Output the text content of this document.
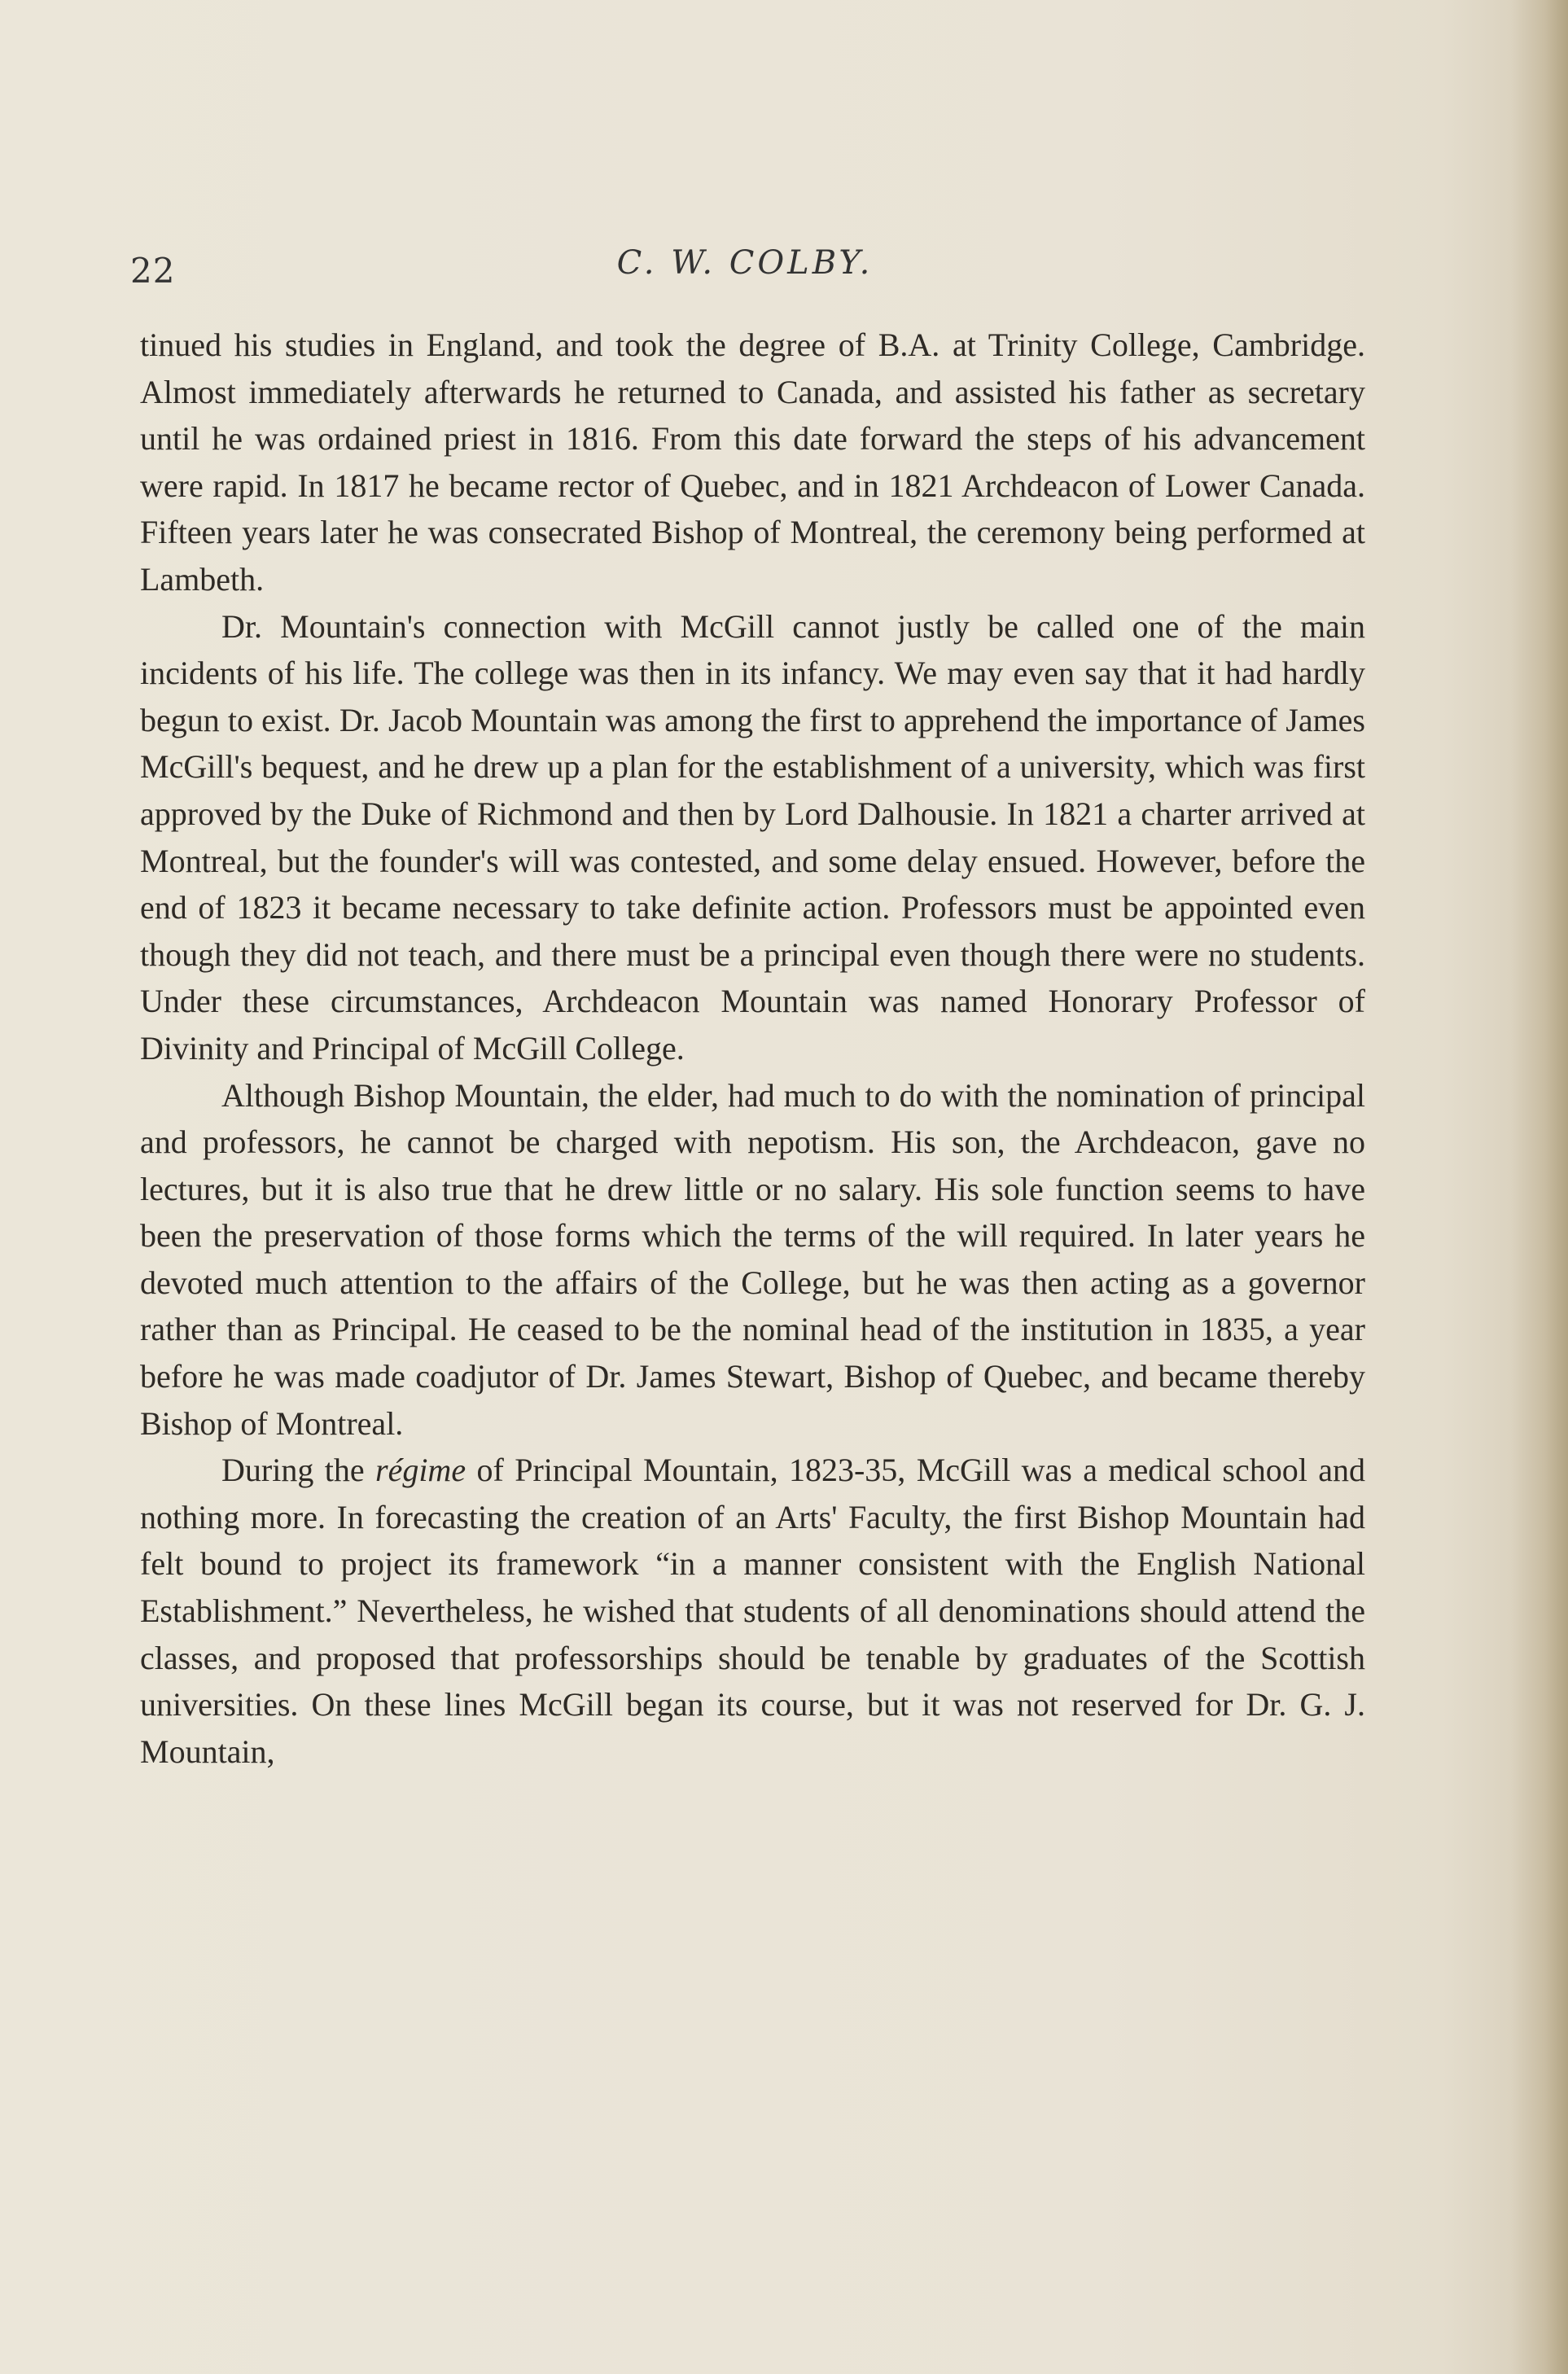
22	C. W. COLBY.

tinued his studies in England, and took the degree of B.A. at Trinity College, Cambridge. Almost immediately afterwards he returned to Canada, and assisted his father as secretary until he was ordained priest in 1816. From this date forward the steps of his advancement were rapid. In 1817 he became rector of Quebec, and in 1821 Archdeacon of Lower Canada. Fifteen years later he was consecrated Bishop of Montreal, the ceremony being performed at Lambeth.

Dr. Mountain's connection with McGill cannot justly be called one of the main incidents of his life. The college was then in its infancy. We may even say that it had hardly begun to exist. Dr. Jacob Mountain was among the first to apprehend the importance of James McGill's bequest, and he drew up a plan for the establishment of a university, which was first approved by the Duke of Richmond and then by Lord Dalhousie. In 1821 a charter arrived at Montreal, but the founder's will was contested, and some delay ensued. However, before the end of 1823 it became necessary to take definite action. Professors must be appointed even though they did not teach, and there must be a principal even though there were no students. Under these circumstances, Archdeacon Mountain was named Honorary Professor of Divinity and Principal of McGill College.

Although Bishop Mountain, the elder, had much to do with the nomination of principal and professors, he cannot be charged with nepotism. His son, the Archdeacon, gave no lectures, but it is also true that he drew little or no salary. His sole function seems to have been the preservation of those forms which the terms of the will required. In later years he devoted much attention to the affairs of the College, but he was then acting as a governor rather than as Principal. He ceased to be the nominal head of the institution in 1835, a year before he was made coadjutor of Dr. James Stewart, Bishop of Quebec, and became thereby Bishop of Montreal.

During the régime of Principal Mountain, 1823-35, McGill was a medical school and nothing more. In forecasting the creation of an Arts' Faculty, the first Bishop Mountain had felt bound to project its framework “in a manner consistent with the English National Establishment.” Nevertheless, he wished that students of all denominations should attend the classes, and proposed that professorships should be tenable by graduates of the Scottish universities. On these lines McGill began its course, but it was not reserved for Dr. G. J. Mountain,
